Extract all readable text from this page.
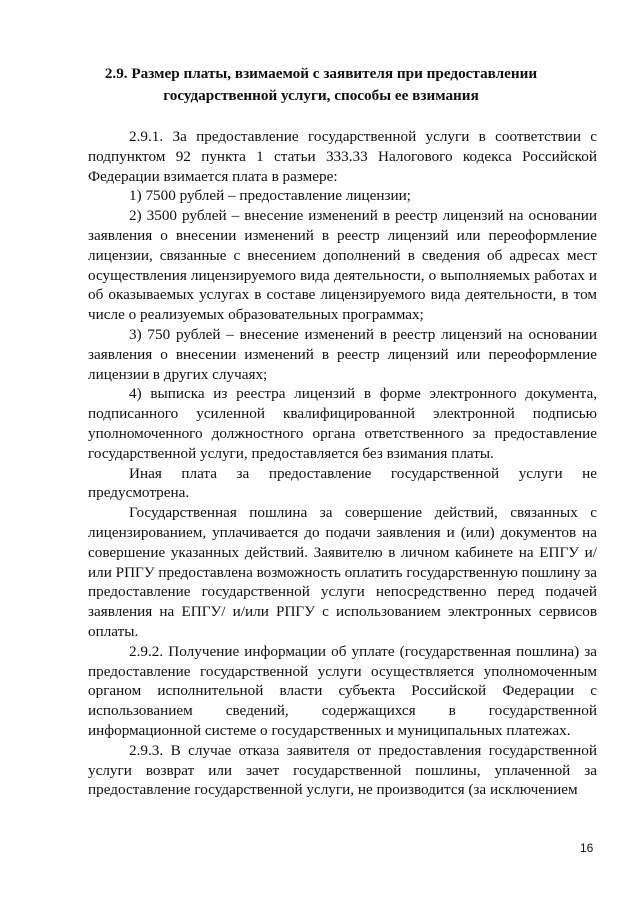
2.9. Размер платы, взимаемой с заявителя при предоставлении
государственной услуги, способы ее взимания

2.9.1. За предоставление государственной услуги в соответствии с подпунктом 92 пункта 1 статьи 333.33 Налогового кодекса Российской Федерации взимается плата в размере:

1) 7500 рублей – предоставление лицензии;

2) 3500 рублей – внесение изменений в реестр лицензий на основании заявления о внесении изменений в реестр лицензий или переоформление лицензии, связанные с внесением дополнений в сведения об адресах мест осуществления лицензируемого вида деятельности, о выполняемых работах и об оказываемых услугах в составе лицензируемого вида деятельности, в том числе о реализуемых образовательных программах;

3) 750 рублей – внесение изменений в реестр лицензий на основании заявления о внесении изменений в реестр лицензий или переоформление лицензии в других случаях;

4) выписка из реестра лицензий в форме электронного документа, подписанного усиленной квалифицированной электронной подписью уполномоченного должностного органа ответственного за предоставление государственной услуги, предоставляется без взимания платы.

Иная плата за предоставление государственной услуги не предусмотрена.

Государственная пошлина за совершение действий, связанных с лицензированием, уплачивается до подачи заявления и (или) документов на совершение указанных действий. Заявителю в личном кабинете на ЕПГУ и/или РПГУ предоставлена возможность оплатить государственную пошлину за предоставление государственной услуги непосредственно перед подачей заявления на ЕПГУ/ и/или РПГУ с использованием электронных сервисов оплаты.

2.9.2. Получение информации об уплате (государственная пошлина) за предоставление государственной услуги осуществляется уполномоченным органом исполнительной власти субъекта Российской Федерации с использованием сведений, содержащихся в государственной информационной системе о государственных и муниципальных платежах.

2.9.3. В случае отказа заявителя от предоставления государственной услуги возврат или зачет государственной пошлины, уплаченной за предоставление государственной услуги, не производится (за исключением

16
